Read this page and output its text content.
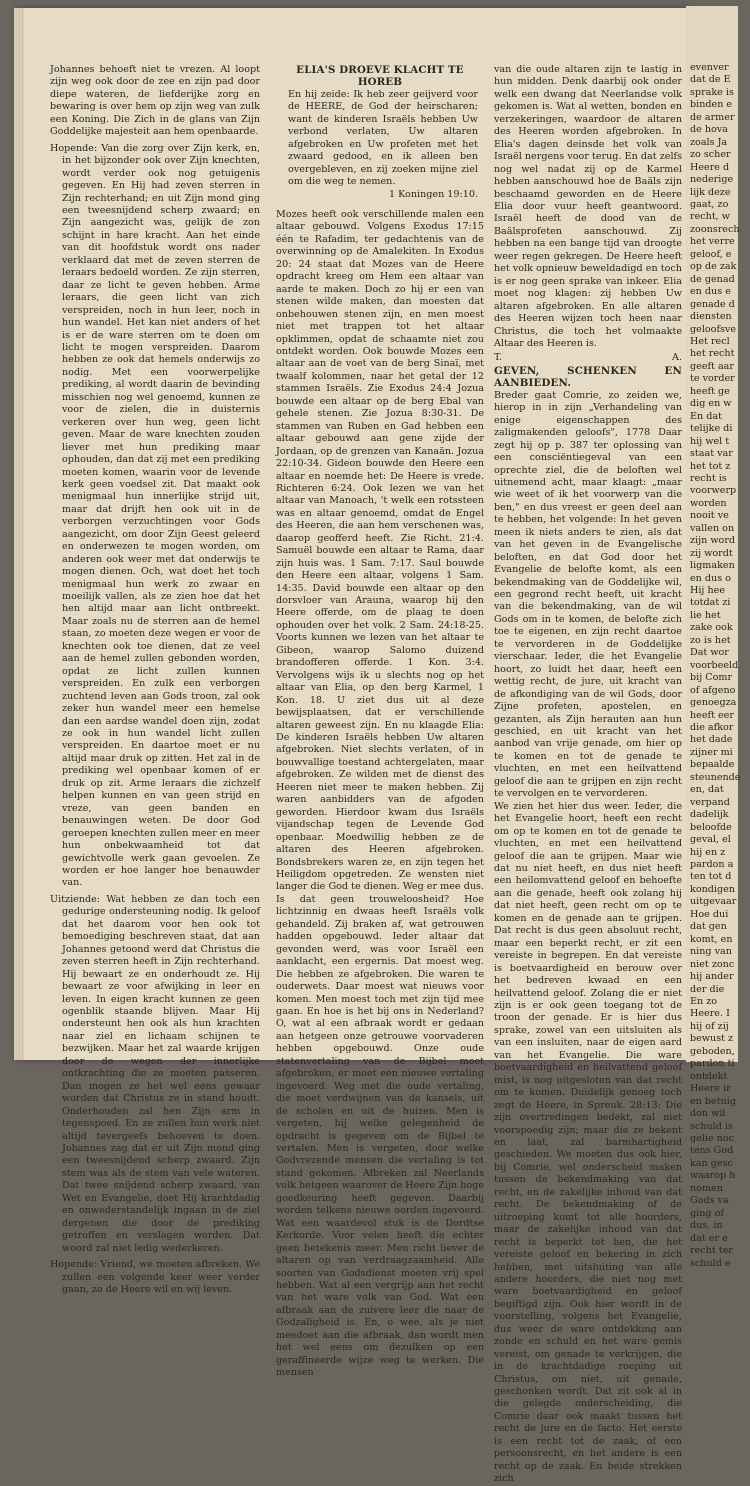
Johannes behoeft niet te vrezen. Al loopt zijn weg ook door de zee en zijn pad door diepe wateren, de liefderijke zorg en bewaring is over hem op zijn weg van zulk een Koning. Die Zich in de glans van Zijn Goddelijke majesteit aan hem openbaarde.

Hopende: Van die zorg over Zijn kerk, en, in het bijzonder ook over Zijn knechten, wordt verder ook nog getuigenis gegeven. En Hij had zeven sterren in Zijn rechterhand; en uit Zijn mond ging een tweesnijdend scherp zwaard; en Zijn aangezicht was, gelijk de zon schijnt in hare kracht. Aan het einde van dit hoofdstuk wordt ons nader verklaard dat met de zeven sterren de leraars bedoeld worden. Ze zijn sterren, daar ze licht te geven hebben. Arme leraars, die geen licht van zich verspreiden, noch in hun leer, noch in hun wandel. Het kan niet anders of het is er de ware sterren om te doen om licht te mogen verspreiden. Daarom hebben ze ook dat hemels onderwijs zo nodig. Met een voorwerpelijke prediking, al wordt daarin de bevinding misschien nog wel genoemd, kunnen ze voor de zielen, die in duisternis verkeren over hun weg, geen licht geven. Maar de ware knechten zouden liever met hun prediking maar ophouden, dan dat zij met een prediking moeten komen, waarin voor de levende kerk geen voedsel zit. Dat maakt ook menigmaal hun innerlijke strijd uit, maar dat drijft hen ook uit in de verborgen verzuchtingen voor Gods aangezicht, om door Zijn Geest geleerd en onderwezen te mogen worden, om anderen ook weer met dat onderwijs te mogen dienen. Och, wat doet het toch menigmaal hun werk zo zwaar en moeilijk vallen, als ze zien hoe dat het hen altijd maar aan licht ontbreekt. Maar zoals nu de sterren aan de hemel staan, zo moeten deze wegen er voor de knechten ook toe dienen, dat ze veel aan de hemel zullen gebonden worden, opdat ze licht zullen kunnen verspreiden. En zulk een verborgen zuchtend leven aan Gods troon, zal ook zeker hun wandel meer een hemelse dan een aardse wandel doen zijn, zodat ze ook in hun wandel licht zullen verspreiden. En daartoe moet er nu altijd maar druk op zitten. Het zal in de prediking wel openbaar komen of er druk op zit. Arme leraars die zichzelf helpen kunnen en van geen strijd en vreze, van geen banden en benauwingen weten. De door God geroepen knechten zullen meer en meer hun onbekwaamheid tot dat gewichtvolle werk gaan gevoelen. Ze worden er hoe langer hoe benauwder van.

Uitziende: Wat hebben ze dan toch een gedurige ondersteuning nodig. Ik geloof dat het daarom voor hen ook tot bemoediging beschreven staat, dat aan Johannes getoond werd dat Christus die zeven sterren heeft in Zijn rechterhand. Hij bewaart ze en onderhoudt ze. Hij bewaart ze voor afwijking in leer en leven. In eigen kracht kunnen ze geen ogenblik staande blijven. Maar Hij ondersteunt hen ook als hun krachten naar ziel en lichaam schijnen te bezwijken. Maar het zal waarde krijgen door de wegen der innerlijke ontkrachting die ze moeten passeren. Dan mogen ze het wel eens gewaar worden dat Christus ze in stand houdt. Onderhouden zal hen Zijn arm in tegenspoed. En ze zullen hun werk niet altijd tevergeefs behoeven te doen. Johannes zag dat er uit Zijn mond ging een tweesnijdend scherp zwaard. Zijn stem was als de stem van vele wateren. Dat twee snijdend scherp zwaard, van Wet en Evangelie, doet Hij krachtdadig en onwederstandelijk ingaan in de ziel dergenen die door de prediking getroffen en verslagen worden. Dat woord zal niet ledig wederkeren.

Hopende: Vriend, we moeten afbreken. We zullen een volgende keer weer verder gaan, zo de Heere wil en wij leven.

ELIA'S DROEVE KLACHT TE HOREB

En hij zeide: Ik heb zeer geijverd voor de HEERE, de God der heirscharen; want de kinderen Israëls hebben Uw verbond verlaten, Uw altaren afgebroken en Uw profeten met het zwaard gedood, en ik alleen ben overgebleven, en zij zoeken mijne ziel om die weg te nemen.

1 Koningen 19:10.

Mozes heeft ook verschillende malen een altaar gebouwd. Volgens Exodus 17:15 één te Rafadim, ter gedachtenis van de overwinning op de Amalekiten. In Exodus 20: 24 staat dat Mozes van de Heere opdracht kreeg om Hem een altaar van aarde te maken. Doch zo hij er een van stenen wilde maken, dan moesten dat onbehouwen stenen zijn, en men moest niet met trappen tot het altaar opklimmen, opdat de schaamte niet zou ontdekt worden. Ook bouwde Mozes een altaar aan de voet van de berg Sinaï, met twaalf kolommen, naar het getal der 12 stammen Israëls. Zie Exodus 24:4 Jozua bouwde een altaar op de berg Ebal van gehele stenen. Zie Jozua 8:30-31. De stammen van Ruben en Gad hebben een altaar gebouwd aan gene zijde der Jordaan, op de grenzen van Kanaän. Jozua 22:10-34. Gideon bouwde den Heere een altaar en noemde het: De Heere is vrede. Richteren 6:24. Ook lezen we van het altaar van Manoach, 't welk een rotssteen was en altaar genoemd, omdat de Engel des Heeren, die aan hem verschenen was, daarop geofferd heeft. Zie Richt. 21:4. Samuël bouwde een altaar te Rama, daar zijn huis was. 1 Sam. 7:17. Saul bouwde den Heere een altaar, volgens 1 Sam. 14:35. David bouwde een altaar op den dorsvloer van Arauna, waarop hij den Heere offerde, om de plaag te doen ophouden over het volk. 2 Sam. 24:18-25. Voorts kunnen we lezen van het altaar te Gibeon, waarop Salomo duizend brandofferen offerde. 1 Kon. 3:4. Vervolgens wijs ik u slechts nog op het altaar van Elia, op den berg Karmel, 1 Kon. 18. U ziet dus uit al deze bewijsplaatsen, dat er verschillende altaren geweest zijn. En nu klaagde Elia: De kinderen Israëls hebben Uw altaren afgebroken. Niet slechts verlaten, of in bouwvallige toestand achtergelaten, maar afgebroken. Ze wilden met de dienst des Heeren niet meer te maken hebben. Zij waren aanbidders van de afgoden geworden. Hierdoor kwam dus Israëls vijandschap tegen de Levende God openbaar. Moedwillig hebben ze de altaren des Heeren afgebroken. Bondsbrekers waren ze, en zijn tegen het Heiligdom opgetreden. Ze wensten niet langer die God te dienen. Weg er mee dus. Is dat geen trouweloosheid? Hoe lichtzinnig en dwaas heeft Israëls volk gehandeld. Zij braken af, wat getrouwen hadden opgebouwd. Ieder altaar dat gevonden werd, was voor Israël een aanklacht, een ergernis. Dat moest weg. Die hebben ze afgebroken. Die waren te ouderwets. Daar moest wat nieuws voor komen. Men moest toch met zijn tijd mee gaan. En hoe is het bij ons in Nederland? O, wat al een afbraak wordt er gedaan aan hetgeen onze getrouwe voorvaderen hebben opgebouwd. Onze oude statenvertaling van de Bijbel moet afgebroken, er moet een nieuwe vertaling ingevoerd. Weg met die oude vertaling, die moet verdwijnen van de kansels, uit de scholen en uit de huizen. Men is vergeten, bij welke gelegenheid de opdracht is gegeven om de Bijbel te vertalen. Men is vergeten, door welke Godvrezende mensen die vertaling is tot stand gekomen. Afbreken zal Neerlands volk hetgeen waarover de Heere Zijn hoge goedkeuring heeft gegeven. Daarbij worden telkens nieuwe oorden ingevoerd. Wat een waardevol stuk is de Dordtse Kerkorde. Voor velen heeft die echter geen betekenis meer. Men richt liever de altaren op van verdraagzaamheid. Alle soorten van Godsdienst moeten vrij spel hebben. Wat al een vergrijp aan het recht van het ware volk van God. Wat een afbraak aan de zuivere leer die naar de Godzaligheid is. En, o wee, als je niet meedoet aan die afbraak, dan wordt men het wel eens om dezulken op een geraffineerde wijze weg te werken. Die mensen

van die oude altaren zijn te lastig in hun midden. Denk daarbij ook onder welk een dwang dat Neerlandse volk gekomen is. Wat al wetten, bonden en verzekeringen, waardoor de altaren des Heeren worden afgebroken. In Elia's dagen deinsde het volk van Israël nergens voor terug. En dat zelfs nog wel nadat zij op de Karmel hebben aanschouwd hoe de Baäls zijn beschaamd geworden en de Heere Elia door vuur heeft geantwoord. Israël heeft de dood van de Baälsprofeten aanschouwd. Zij hebben na een bange tijd van droogte weer regen gekregen. De Heere heeft het volk opnieuw beweldadigd en toch is er nog geen sprake van inkeer. Elia moet nog klagen: zij hebben Uw altaren afgebroken. En alle altaren des Heeren wijzen toch heen naar Christus, die toch het volmaakte Altaar des Heeren is.

T.	A.

GEVEN, SCHENKEN EN AANBIEDEN.

Breder gaat Comrie, zo zeiden we, hierop in in zijn „Verhandeling van enige eigenschappen des zaligmakenden geloofs", 1778 Daar zegt hij op p. 387 ter oplossing van een consciëntiegeval van een oprechte ziel, die de beloften wel uitnemend acht, maar klaagt: „maar wie weet of ik het voorwerp van die ben," en dus vreest er geen deel aan te hebben, het volgende: In het geven meen ik niets anders te zien, als dat van het geven in de Evangelische beloften, en dat God door het Evangelie de belofte komt, als een bekendmaking van de Goddelijke wil, een gegrond recht heeft, uit kracht van die bekendmaking, van de wil Gods om in te komen, de belofte zich toe te eigenen, en zijn recht daartoe te vervorderen in de Goddelijke vierschaar. Ieder, die het Evangelie hoort, zo luidt het daar, heeft een wettig recht, de jure, uit kracht van de afkondiging van de wil Gods, door Zijne profeten, apostelen, en gezanten, als Zijn herauten aan hun geschied, en uit kracht van het aanbod van vrije genade, om hier op te komen en tot de genade te vluchten, en met een heilvattend geloof die aan te grijpen en zijn recht te vervolgen en te vervorderen.

We zien het hier dus weer. Ieder, die het Evangelie hoort, heeft een recht om op te komen en tot de genade te vluchten, en met een heilvattend geloof die aan te grijpen. Maar wie dat nu niet heeft, en dus niet heeft een heilomvattend geloof en behoefte aan die genade, heeft ook zolang hij dat niet heeft, geen recht om op te komen en de genade aan te grijpen. Dat recht is dus geen absoluut recht, maar een beperkt recht, er zit een vereiste in begrepen. En dat vereiste is boetvaardigheid en berouw over het bedreven kwaad en een heilvattend geloof. Zolang die er niet zijn is er ook geen toegang tot de troon der genade. Er is hier dus sprake, zowel van een uitsluiten als van een insluiten, naar de eigen aard van het Evangelie. Die ware boetvaardigheid en heilvattend geloof mist, is nog uitgesloten van dat recht om te komen. Duidelijk genoeg toch zegt de Heere, in Spreuk. 28:13: Die zijn overtredingen bedekt, zal niet voorspoedig zijn; maar die ze bekent en laat, zal barmhartigheid geschieden. We moeten dus ook hier, bij Comrie, wel onderscheid maken tussen de bekendmaking van dat recht, en de zakelijke inhoud van dat recht. De bekendmaking of de uitroeping komt tot alle hoorders, maar de zakelijke inhoud van dat recht is beperkt tot hen, die het vereiste geloof en bekering in zich hebben, met uitsluiting van alle andere hoorders, die niet nog met ware boetvaardigheid en geloof begiftigd zijn. Ook hier wordt in de voorstelling, volgens het Evangelie, dus weer de ware ontdekking aan zonde en schuld en het ware gemis vereist, om genade te verkrijgen, die in de krachtdadige roeping uit Christus, om niet, uit genade, geschonken wordt. Dat zit ook al in die gelegde onderscheiding, die Comrie daar ook maakt tussen het recht de jure en de facto. Het eerste is een recht tot de zaak, of een persoonsrecht, en het andere is een recht op de zaak. En beide strekken zich

evenver
dat de E
sprake is
binden e
de armer
de hova
zoals Ja
zo scher
Heere d
nederige
lijk deze
gaat, zo
recht, w
zoonsrech
het verre
geloof, e
op de zak
de genad
en dus e
genade d
diensten
geloofsve
Het recl
het recht
geeft aar
te vorder
heeft ge
dig en w
En dat
telijke di
hij wel t
staat var
het tot z
recht is
voorwerp
worden
nooit ve
vallen on
zijn word
zij wordt
ligmaken
en dus o
Hij hee
totdat zi
lie het
zake ook
zo is het
Dat wor
voorbeeld
bij Comr
of afgeno
genoegza
heeft eer
die afkor
het dade
zijner mi
bepaalde
steunende
en, dat
verpand
dadelijk
beloofde
geval, el
hij en z
pardon a
ten tot d
kondigen
uitgevaar
Hoe dui
dat gen
komt, en
ning van
niet zonc
hij ander
der die
En zo
Heere. I
hij of zij
bewust z
geboden,
pardon ti
ontdekt
Heere ir
en betuig
don wil
schuld is
gelie noc
tens God
kan gesc
waarop h
nomen
Gods va
ging of
dus, in
dat er e
recht ter
schuld e
